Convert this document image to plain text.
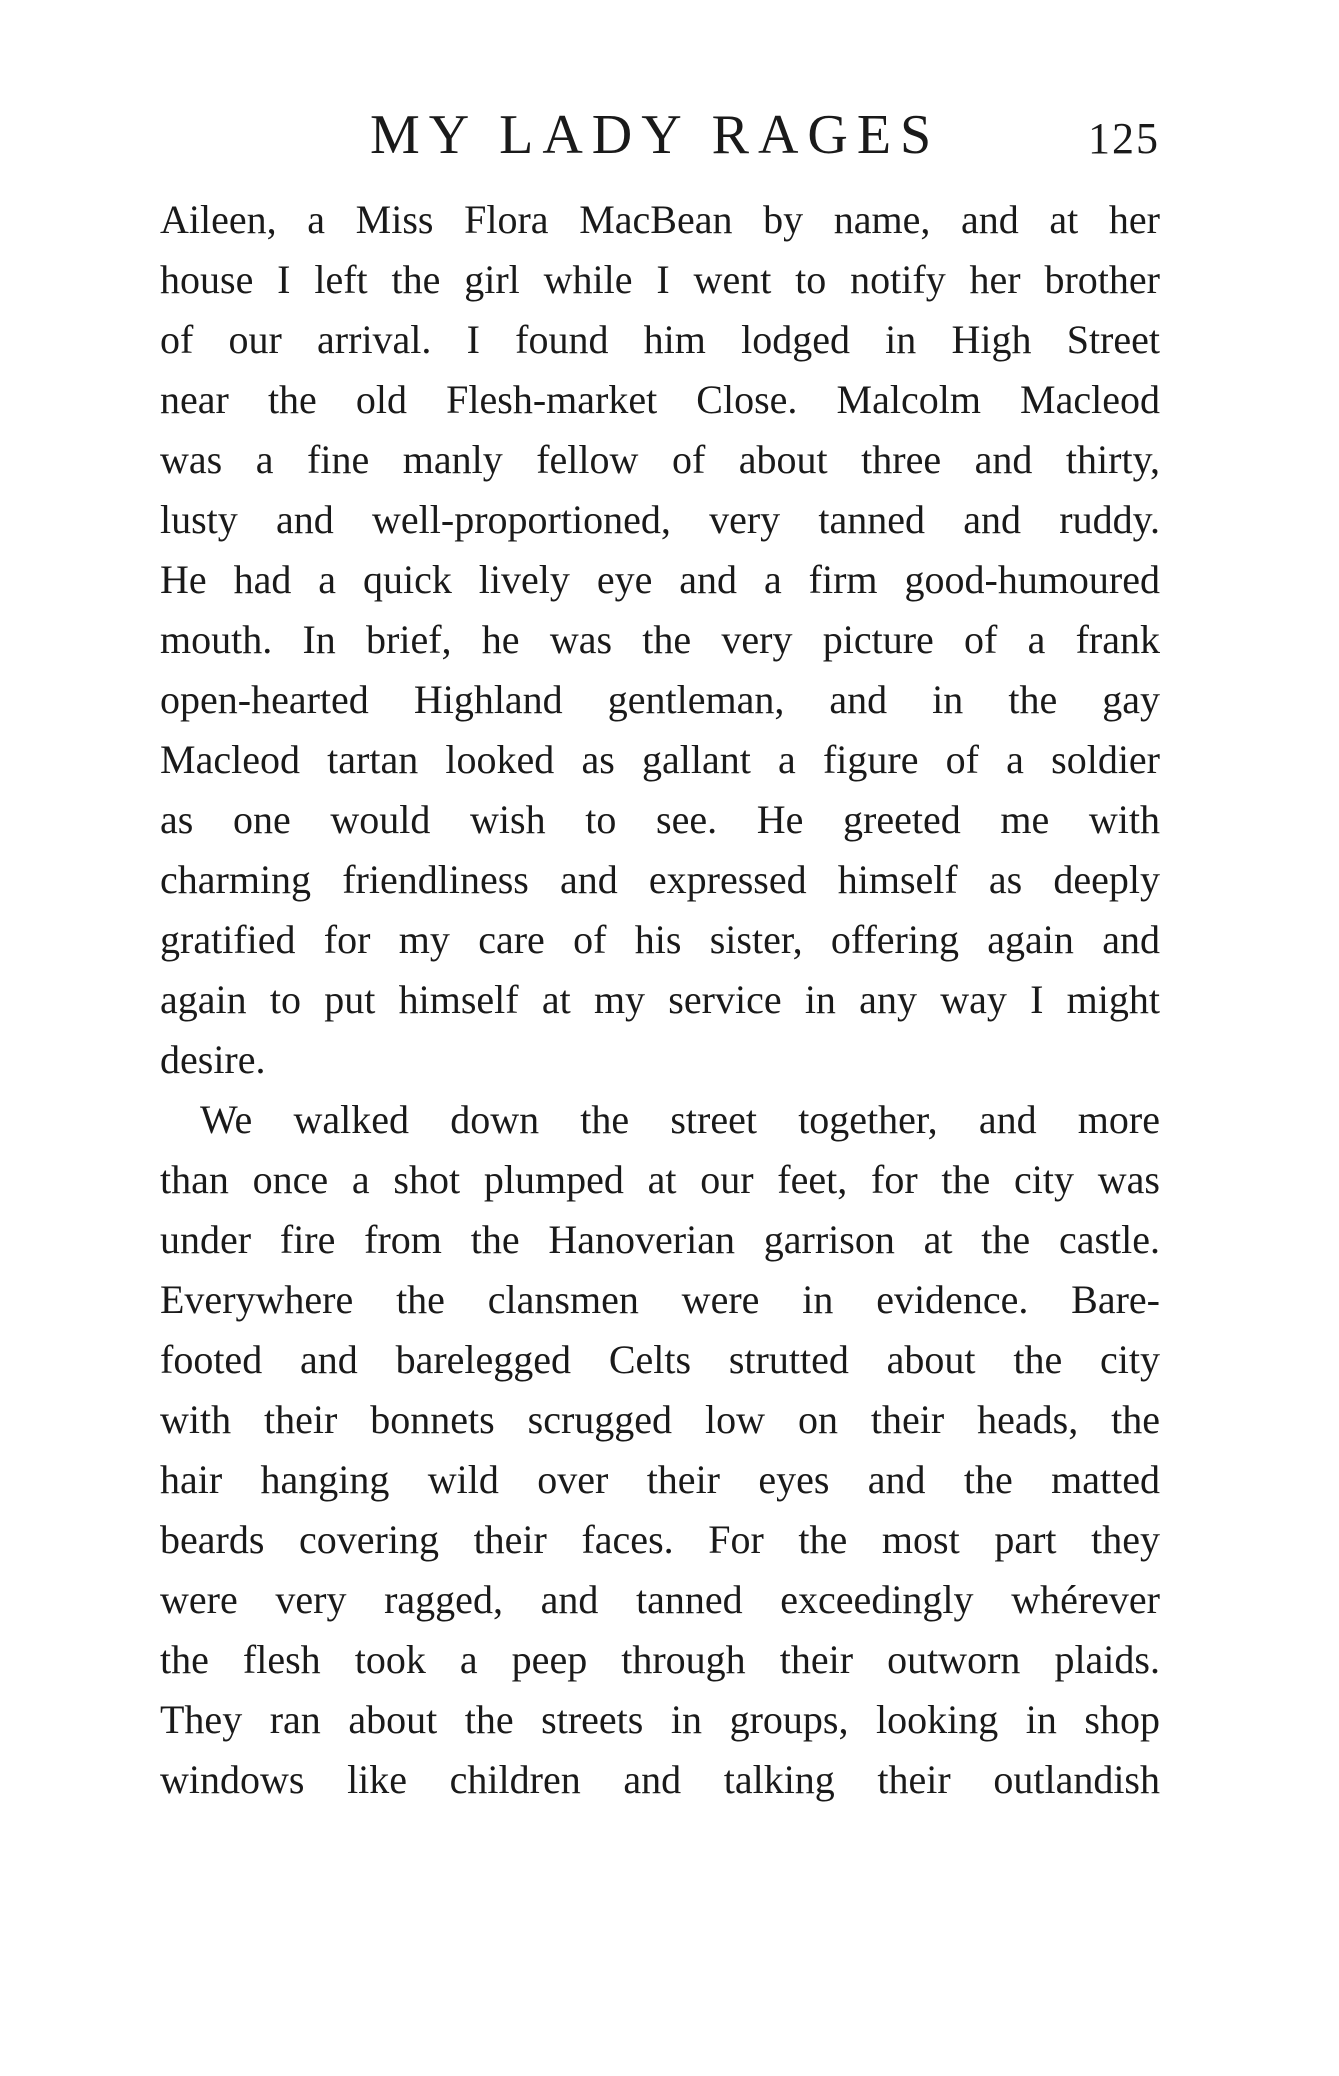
MY LADY RAGES	125
Aileen, a Miss Flora MacBean by name, and at her
house I left the girl while I went to notify her brother
of our arrival. I found him lodged in High Street
near the old Flesh-market Close. Malcolm Macleod
was a fine manly fellow of about three and thirty,
lusty and well-proportioned, very tanned and ruddy.
He had a quick lively eye and a firm good-humoured
mouth. In brief, he was the very picture of a frank
open-hearted Highland gentleman, and in the gay
Macleod tartan looked as gallant a figure of a soldier
as one would wish to see. He greeted me with
charming friendliness and expressed himself as deeply
gratified for my care of his sister, offering again and
again to put himself at my service in any way I might
desire.
We walked down the street together, and more
than once a shot plumped at our feet, for the city was
under fire from the Hanoverian garrison at the castle.
Everywhere the clansmen were in evidence. Bare-
footed and barelegged Celts strutted about the city
with their bonnets scrugged low on their heads, the
hair hanging wild over their eyes and the matted
beards covering their faces. For the most part they
were very ragged, and tanned exceedingly whérever
the flesh took a peep through their outworn plaids.
They ran about the streets in groups, looking in shop
windows like children and talking their outlandish
